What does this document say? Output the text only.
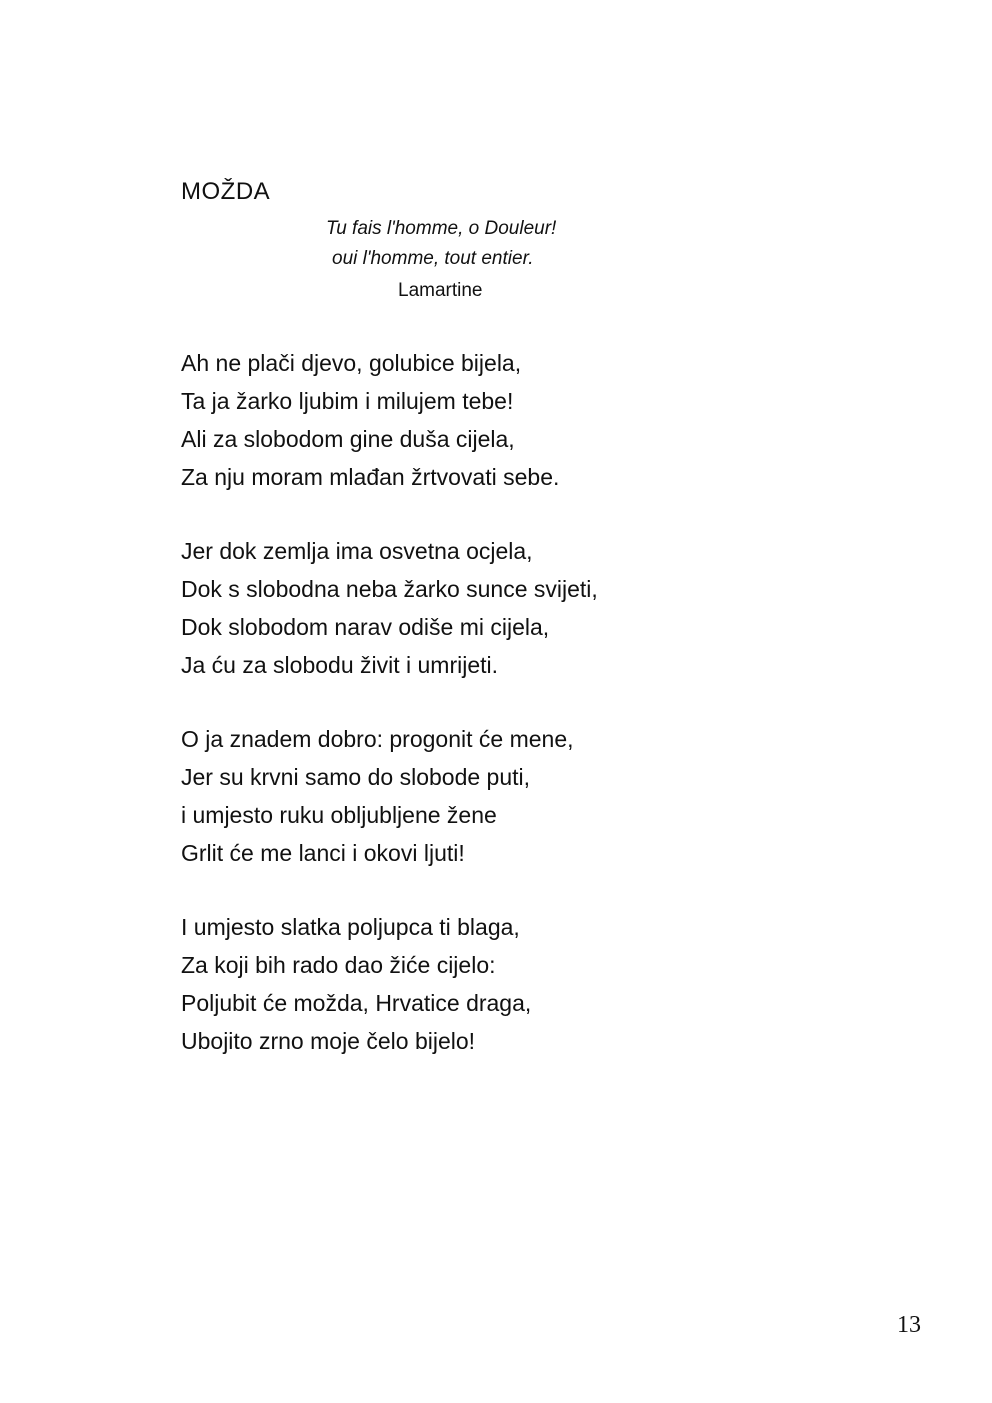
MOŽDA
Tu fais l'homme, o Douleur!
oui l'homme, tout entier.
Lamartine
Ah ne plači djevo, golubice bijela,
Ta ja žarko ljubim i milujem tebe!
Ali za slobodom gine duša cijela,
Za nju moram mlađan žrtvovati sebe.
Jer dok zemlja ima osvetna ocjela,
Dok s slobodna neba žarko sunce svijeti,
Dok slobodom narav odiše mi cijela,
Ja ću za slobodu živit i umrijeti.
O ja znadem dobro: progonit će mene,
Jer su krvni samo do slobode puti,
i umjesto ruku obljubljene žene
Grlit će me lanci i okovi ljuti!
I umjesto slatka poljupca ti blaga,
Za koji bih rado dao žiće cijelo:
Poljubit će možda, Hrvatice draga,
Ubojito zrno moje čelo bijelo!
13
